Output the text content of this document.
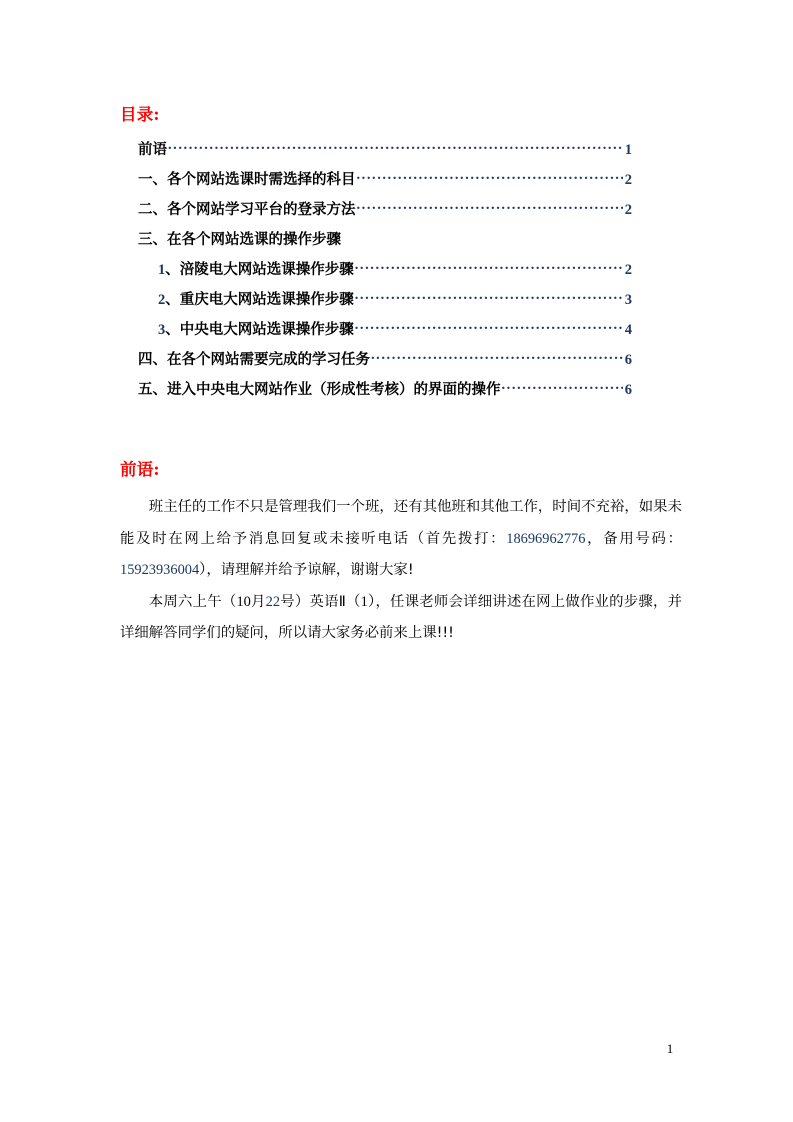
目录:
前语 .....	1
一、各个网站选课时需选择的科目 .....	2
二、各个网站学习平台的登录方法 .....	2
三、在各个网站选课的操作步骤
1 、涪陵电大网站选课操作步骤 .....	2
2 、重庆电大网站选课操作步骤 .....	3
3 、中央电大网站选课操作步骤 .....	4
四、在各个网站需要完成的学习任务 .....	6
五、进入中央电大网站作业（形成性考核）的界面的操作 .....	6
前语:

班主任的工作不只是管理我们一个班，还有其他班和其他工作，时间不充裕，如果未能及时在网上给予消息回复或未接听电话（首先拨打：18696962776，备用号码：15923936004），请理解并给予谅解，谢谢大家!

本周六上午（10月22号）英语Ⅱ（1），任课老师会详细讲述在网上做作业的步骤，并详细解答同学们的疑问，所以请大家务必前来上课!!!

1
